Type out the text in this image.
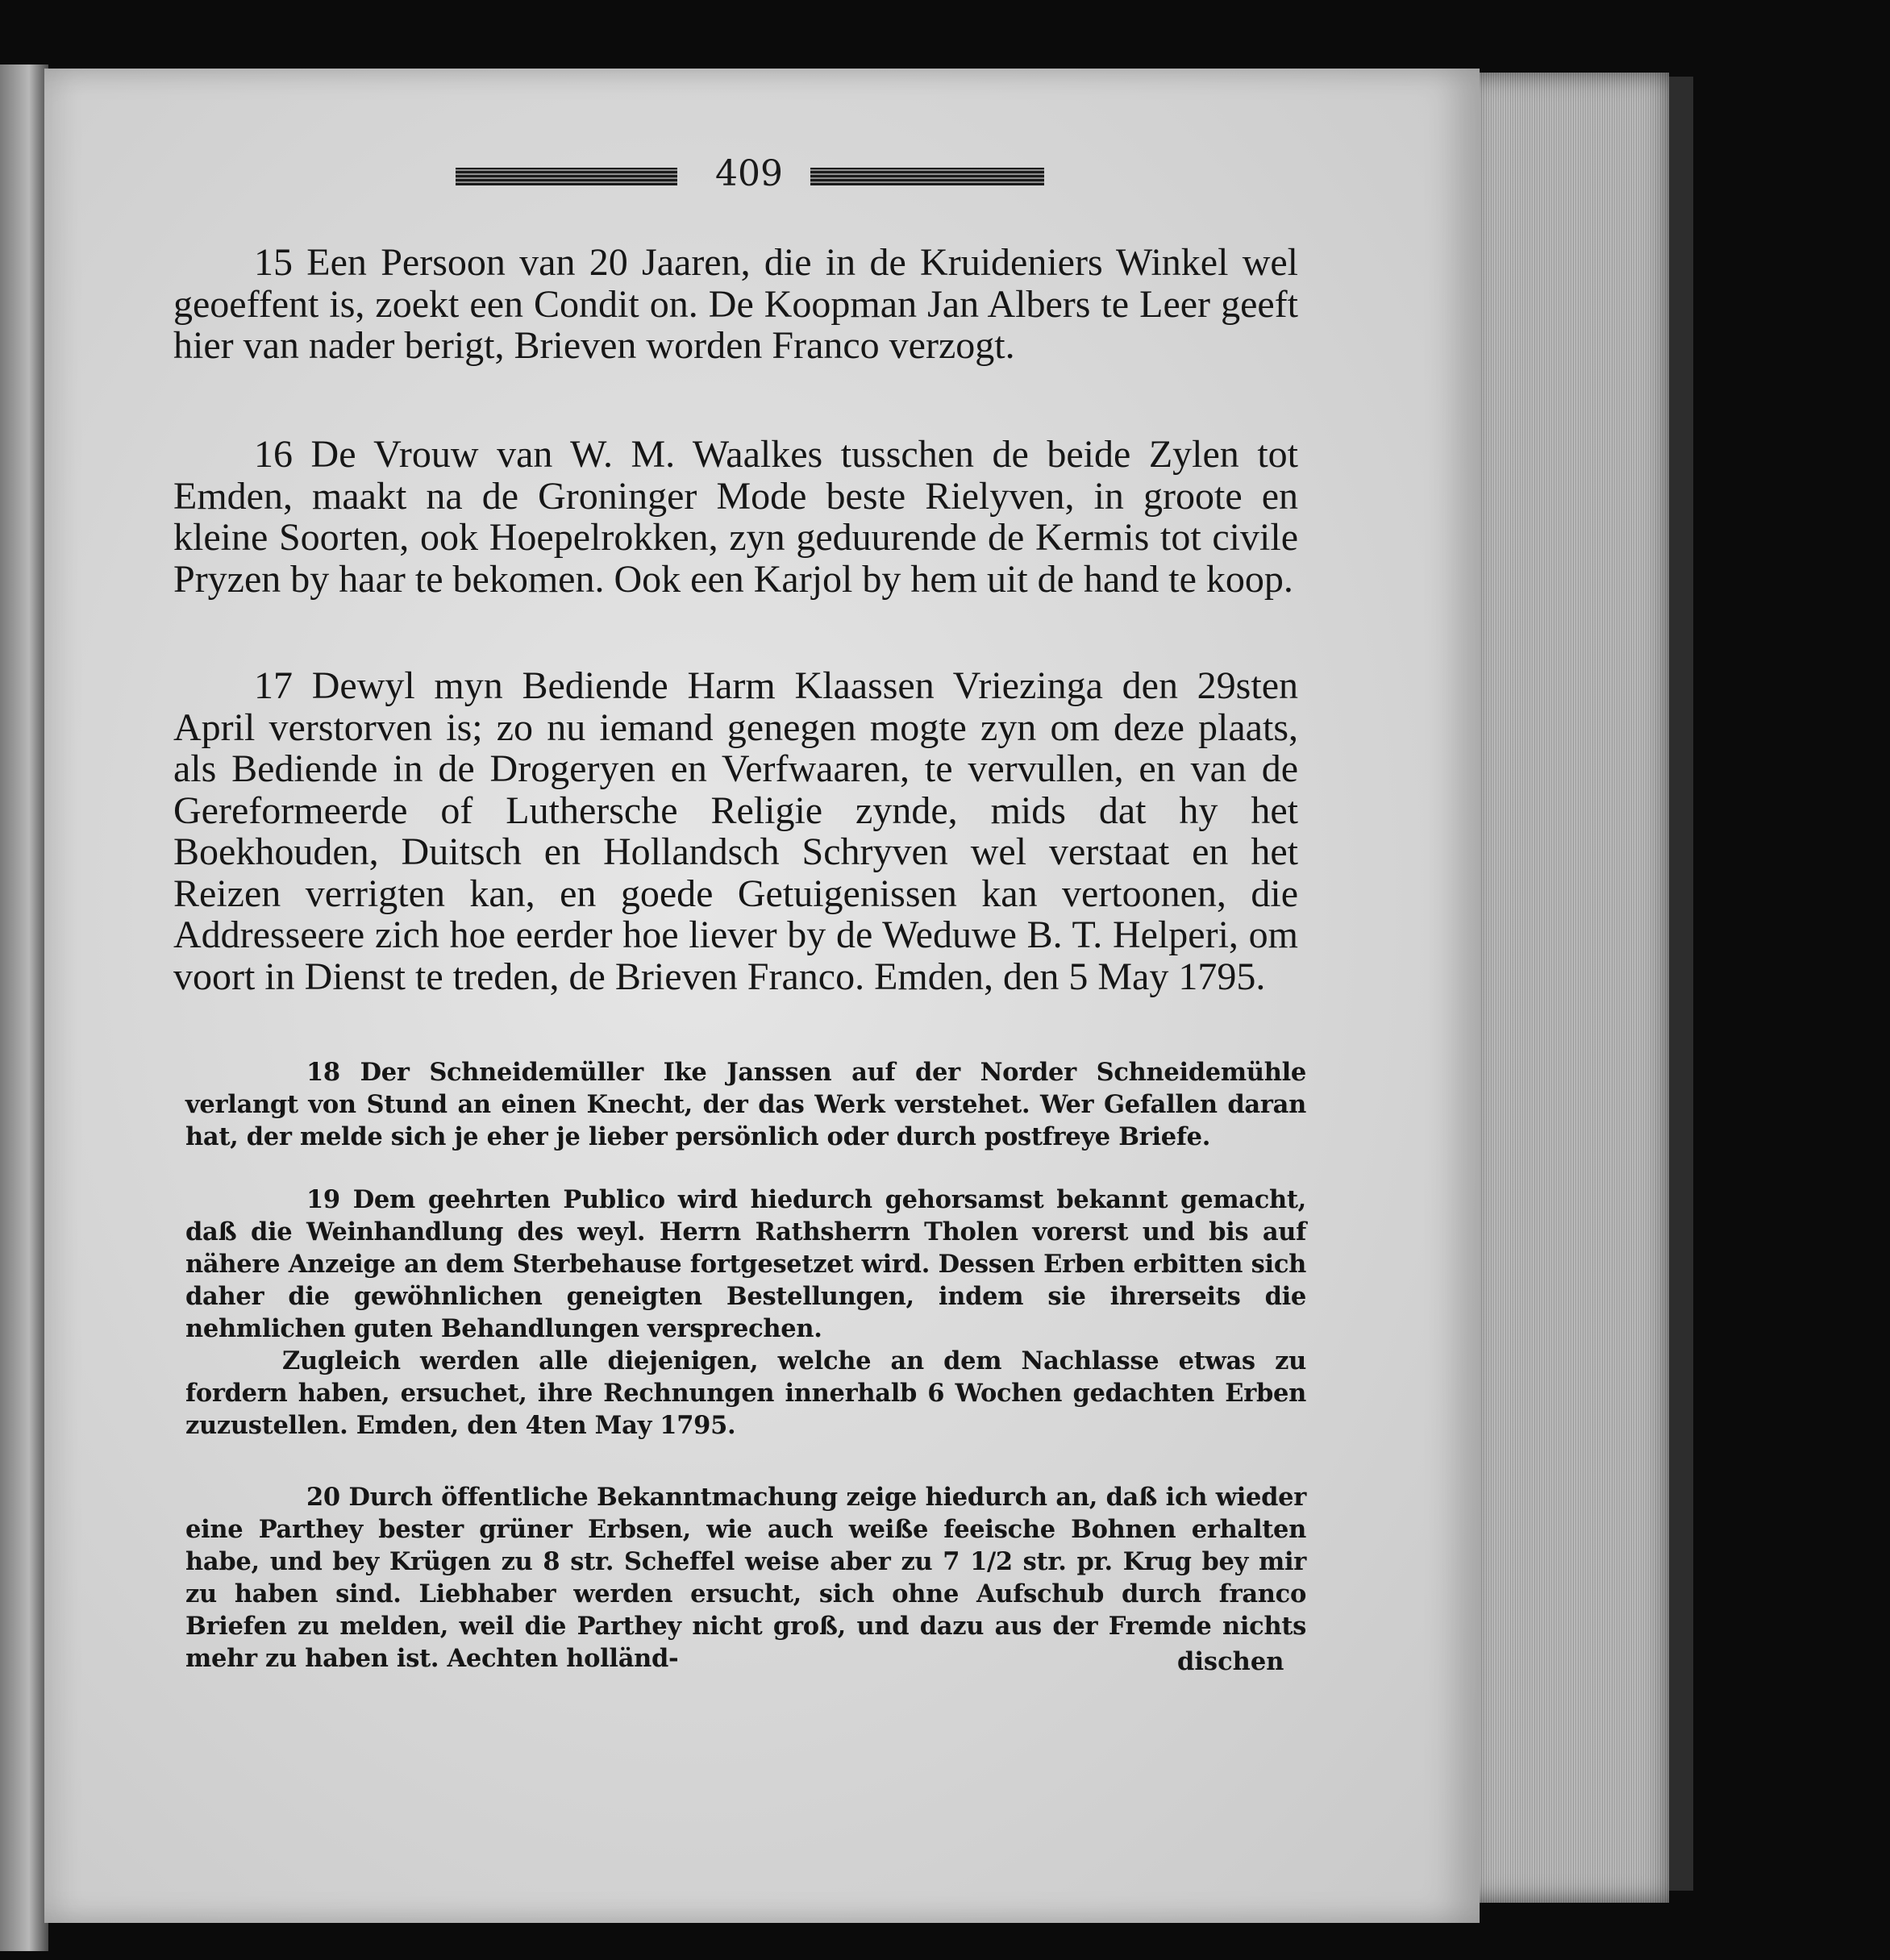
409
15 Een Persoon van 20 Jaaren, die in de Kruideniers Winkel wel geoeffent is, zoekt een Condit on. De Koopman Jan Albers te Leer geeft hier van nader berigt, Brieven worden Franco verzogt.
16 De Vrouw van W. M. Waalkes tusschen de beide Zylen tot Emden, maakt na de Groninger Mode beste Rielyven, in groote en kleine Soorten, ook Hoepelrokken, zyn geduurende de Kermis tot civile Pryzen by haar te bekomen. Ook een Karjol by hem uit de hand te koop.
17 Dewyl myn Bediende Harm Klaassen Vriezinga den 29sten April verstorven is; zo nu iemand genegen mogte zyn om deze plaats, als Bediende in de Drogeryen en Verfwaaren, te vervullen, en van de Gereformeerde of Luthersche Religie zynde, mids dat hy het Boekhouden, Duitsch en Hollandsch Schryven wel verstaat en het Reizen verrigten kan, en goede Getuigenissen kan vertoonen, die Addresseere zich hoe eerder hoe liever by de Weduwe B. T. Helperi, om voort in Dienst te treden, de Brieven Franco. Emden, den 5 May 1795.
18 Der Schneidemüller Ike Janssen auf der Norder Schneidemühle verlangt von Stund an einen Knecht, der das Werk verstehet. Wer Gefallen daran hat, der melde sich je eher je lieber persönlich oder durch postfreye Briefe.
19 Dem geehrten Publico wird hiedurch gehorsamst bekannt gemacht, daß die Weinhandlung des weyl. Herrn Rathsherrn Tholen vorerst und bis auf nähere Anzeige an dem Sterbehause fortgesetzet wird. Dessen Erben erbitten sich daher die gewöhnlichen geneigten Bestellungen, indem sie ihrerseits die nehmlichen guten Behandlungen versprechen.
Zugleich werden alle diejenigen, welche an dem Nachlasse etwas zu fordern haben, ersuchet, ihre Rechnungen innerhalb 6 Wochen gedachten Erben zuzustellen. Emden, den 4ten May 1795.
20 Durch öffentliche Bekanntmachung zeige hiedurch an, daß ich wieder eine Parthey bester grüner Erbsen, wie auch weiße feeische Bohnen erhalten habe, und bey Krügen zu 8 str. Scheffel weise aber zu 7 1/2 str. pr. Krug bey mir zu haben sind. Liebhaber werden ersucht, sich ohne Aufschub durch franco Briefen zu melden, weil die Parthey nicht groß, und dazu aus der Fremde nichts mehr zu haben ist. Aechten holländ-	dischen
